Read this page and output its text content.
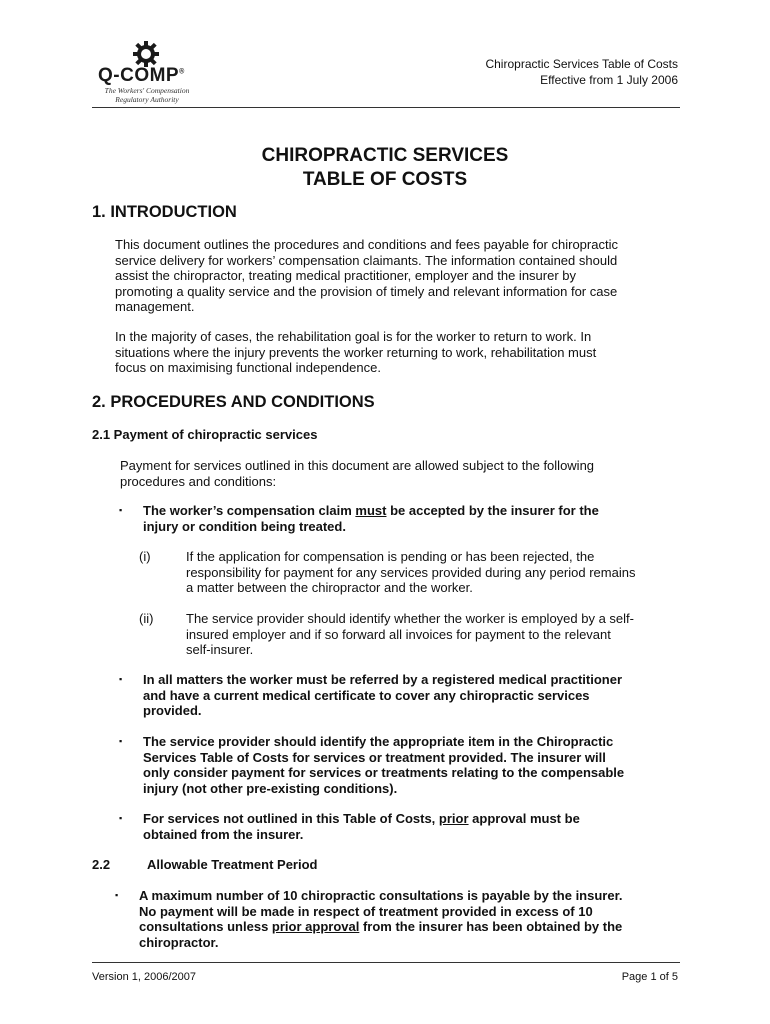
Q-COMP®
The Workers' Compensation
Regulatory Authority
Chiropractic Services Table of Costs
Effective from 1 July 2006
CHIROPRACTIC SERVICES
TABLE OF COSTS
1. INTRODUCTION
This document outlines the procedures and conditions and fees payable for chiropractic
service delivery for workers’ compensation claimants. The information contained should
assist the chiropractor, treating medical practitioner, employer and the insurer by
promoting a quality service and the provision of timely and relevant information for case
management.
In the majority of cases, the rehabilitation goal is for the worker to return to work. In
situations where the injury prevents the worker returning to work, rehabilitation must
focus on maximising functional independence.
2. PROCEDURES AND CONDITIONS
2.1 Payment of chiropractic services
Payment for services outlined in this document are allowed subject to the following
procedures and conditions:
▪ The worker’s compensation claim must be accepted by the insurer for the
injury or condition being treated.
(i)	If the application for compensation is pending or has been rejected, the
responsibility for payment for any services provided during any period remains
a matter between the chiropractor and the worker.
(ii)	The service provider should identify whether the worker is employed by a self-
insured employer and if so forward all invoices for payment to the relevant
self-insurer.
▪ In all matters the worker must be referred by a registered medical practitioner
and have a current medical certificate to cover any chiropractic services
provided.
▪ The service provider should identify the appropriate item in the Chiropractic
Services Table of Costs for services or treatment provided. The insurer will
only consider payment for services or treatments relating to the compensable
injury (not other pre-existing conditions).
▪ For services not outlined in this Table of Costs, prior approval must be
obtained from the insurer.
2.2	Allowable Treatment Period
▪ A maximum number of 10 chiropractic consultations is payable by the insurer.
No payment will be made in respect of treatment provided in excess of 10
consultations unless prior approval from the insurer has been obtained by the
chiropractor.
Version 1, 2006/2007	Page 1 of 5
